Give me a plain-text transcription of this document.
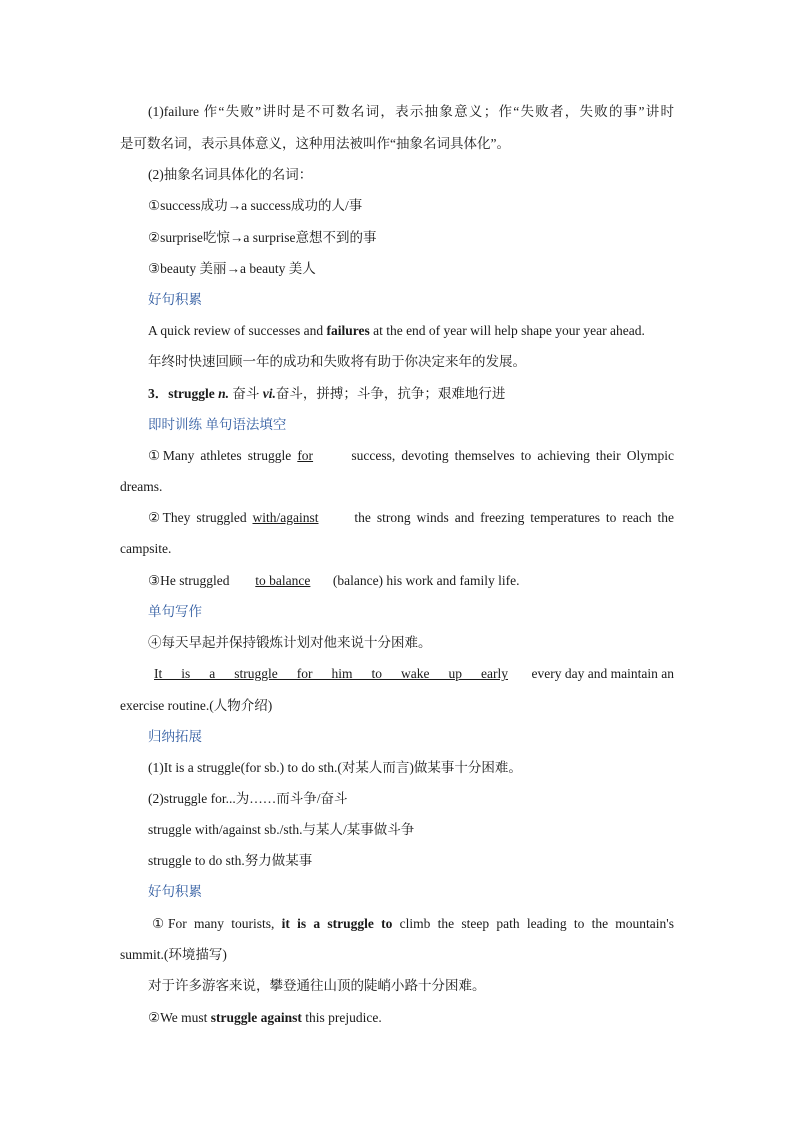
(1)failure 作“失败”讲时是不可数名词，表示抽象意义；作“失败者，失败的事”讲时
是可数名词，表示具体意义，这种用法被叫作“抽象名词具体化”。
(2)抽象名词具体化的名词：
①success成功→a success成功的人/事
②surprise吃惊→a surprise意想不到的事
③beauty 美丽→a beauty 美人
好句积累
A quick review of successes and failures at the end of year will help shape your year ahead.
年终时快速回顾一年的成功和失败将有助于你决定来年的发展。
3．struggle n. 奋斗 vi.奋斗，拼搏；斗争，抗争；艰难地行进
即时训练 单句语法填空
①Many athletes struggle for success, devoting themselves to achieving their Olympic
dreams.
②They struggled with/against the strong winds and freezing temperatures to reach the
campsite.
③He struggled to balance (balance) his work and family life.
单句写作
④每天早起并保持锻炼计划对他来说十分困难。
It is a struggle for him to wake up earlyevery day and maintain an
exercise routine.(人物介绍)
归纳拓展
(1)It is a struggle(for sb.) to do sth.(对某人而言)做某事十分困难。
(2)struggle for...为……而斗争/奋斗
struggle with/against sb./sth.与某人/某事做斗争
struggle to do sth.努力做某事
好句积累
①For many tourists, it is a struggle to climb the steep path leading to the mountain's
summit.(环境描写)
对于许多游客来说，攀登通往山顶的陡峭小路十分困难。
②We must struggle against this prejudice.
